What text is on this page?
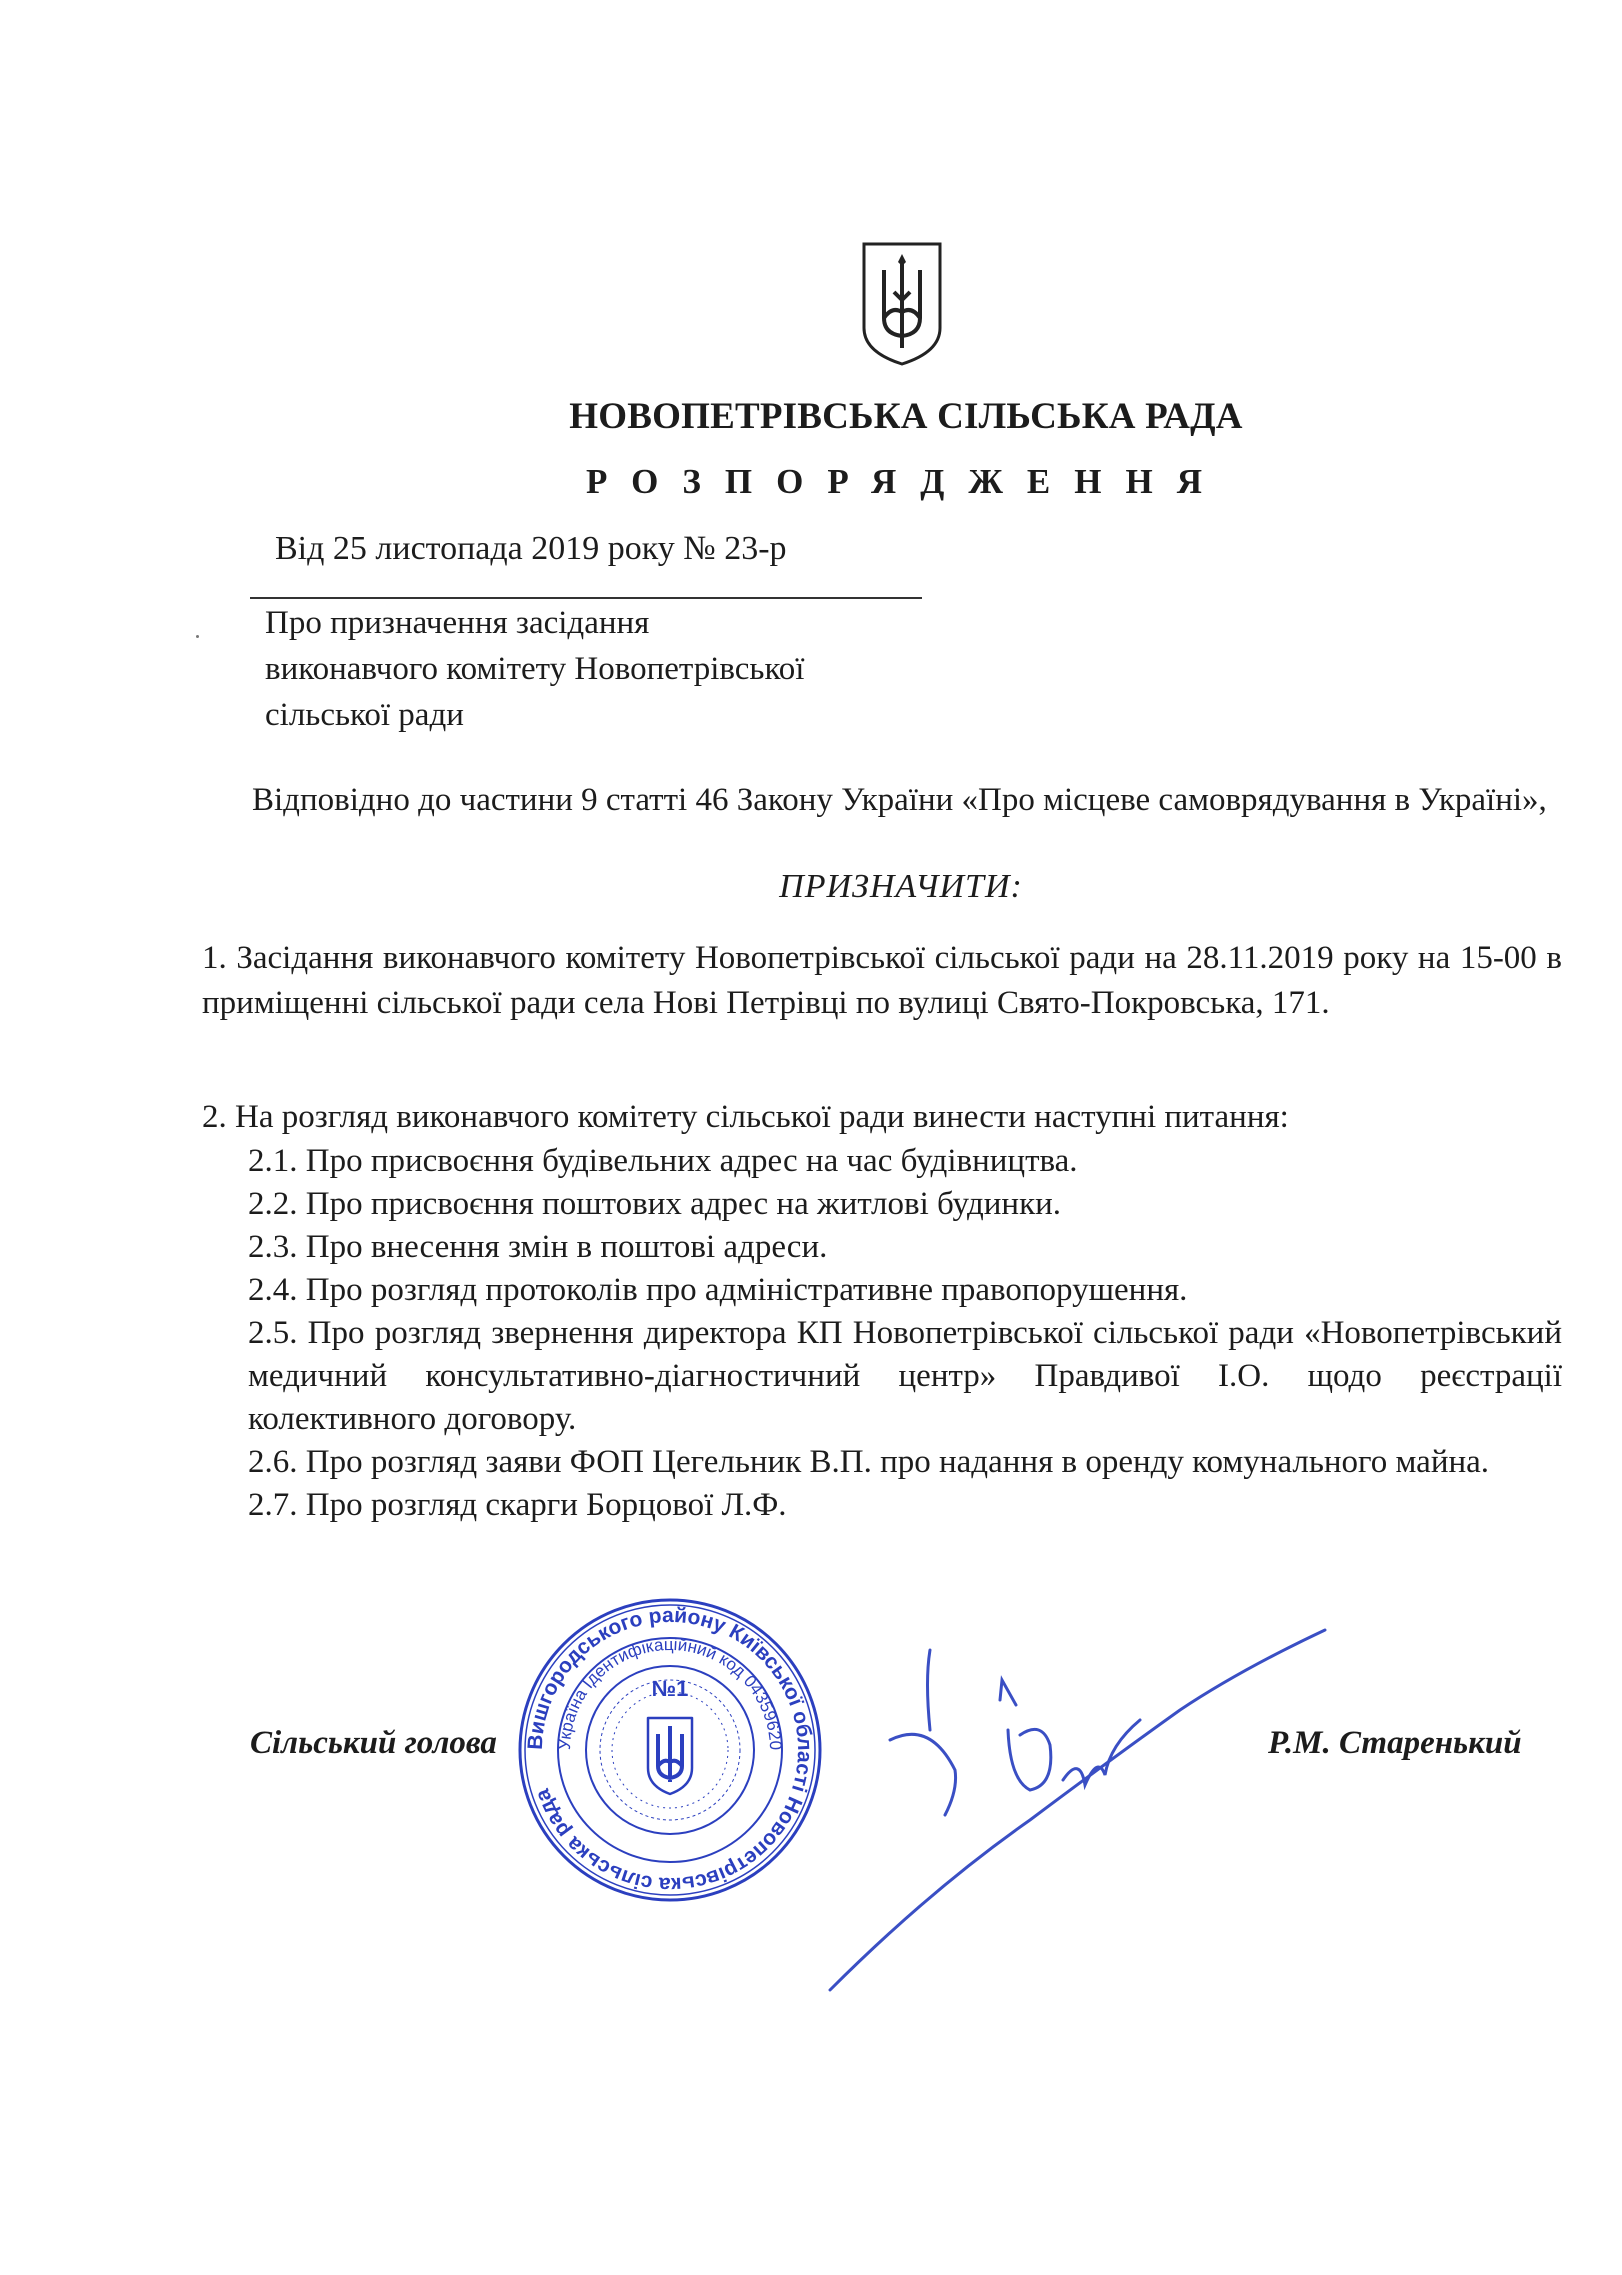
НОВОПЕТРІВСЬКА СІЛЬСЬКА РАДА
РОЗПОРЯДЖЕННЯ
Від 25 листопада 2019 року № 23-р
Про призначення засідання
виконавчого комітету Новопетрівської
сільської ради
Відповідно до частини 9 статті 46 Закону України «Про місцеве самоврядування в Україні»,
ПРИЗНАЧИТИ:
1. Засідання виконавчого комітету Новопетрівської сільської ради на 28.11.2019 року на 15-00 в приміщенні сільської ради села Нові Петрівці по вулиці Свято-Покровська, 171.
2. На розгляд виконавчого комітету сільської ради винести наступні питання:
2.1. Про присвоєння будівельних адрес на час будівництва.
2.2. Про присвоєння поштових адрес на житлові будинки.
2.3. Про внесення змін в поштові адреси.
2.4. Про розгляд протоколів про адміністративне правопорушення.
2.5. Про розгляд звернення директора КП Новопетрівської сільської ради «Новопетрівський медичний консультативно-діагностичний центр» Правдивої І.О. щодо реєстрації колективного договору.
2.6. Про розгляд заяви ФОП Цегельник В.П. про надання в оренду комунального майна.
2.7. Про розгляд скарги Борцової Л.Ф.
Сільський голова	Р.М. Старенький
Вишгородського району Київської області Новопетрівська сільська рада
Україна Ідентифікаційний код 04359620
№1
